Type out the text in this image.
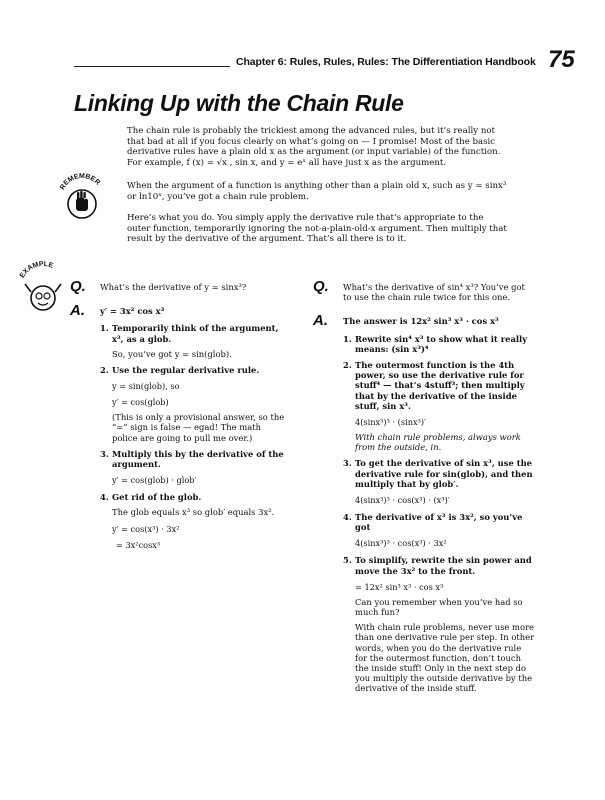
Chapter 6: Rules, Rules, Rules: The Differentiation Handbook 75
Linking Up with the Chain Rule

The chain rule is probably the trickiest among the advanced rules, but it’s really not that bad at all if you focus clearly on what’s going on — I promise! Most of the basic derivative rules have a plain old x as the argument (or input variable) of the function. For example, f (x) = √x , sin x, and y = eˣ all have just x as the argument.

When the argument of a function is anything other than a plain old x, such as y = sinx³ or ln10ˣ, you’ve got a chain rule problem.

Here’s what you do. You simply apply the derivative rule that’s appropriate to the outer function, temporarily ignoring the not-a-plain-old-x argument. Then multiply that result by the derivative of the argument. That’s all there is to it.

REMEMBER
EXAMPLE
Q. What’s the derivative of y = sinx³?
A. y′ = 3x² cos x³
1. Temporarily think of the argument, x³, as a glob.
So, you’ve got y = sin(glob).
2. Use the regular derivative rule.
y = sin(glob), so
y′ = cos(glob)
(This is only a provisional answer, so the “=” sign is false — egad! The math police are going to pull me over.)
3. Multiply this by the derivative of the argument.
y′ = cos(glob) · glob′
4. Get rid of the glob.
The glob equals x³ so glob′ equals 3x².
y′ = cos(x³) · 3x²
= 3x²cosx³
Q. What’s the derivative of sin⁴ x³? You’ve got to use the chain rule twice for this one.
A. The answer is 12x² sin³ x³ · cos x³
1. Rewrite sin⁴ x³ to show what it really means: (sin x³)⁴
2. The outermost function is the 4th power, so use the derivative rule for stuff⁴ — that’s 4stuff³; then multiply that by the derivative of the inside stuff, sin x³.
4(sinx³)³ · (sinx³)′
With chain rule problems, always work from the outside, in.
3. To get the derivative of sin x³, use the derivative rule for sin(glob), and then multiply that by glob′.
4(sinx³)³ · cos(x³) · (x³)′
4. The derivative of x³ is 3x², so you’ve got
4(sinx³)³ · cos(x³) · 3x²
5. To simplify, rewrite the sin power and move the 3x² to the front.
= 12x² sin³ x³ · cos x³
Can you remember when you’ve had so much fun?
With chain rule problems, never use more than one derivative rule per step. In other words, when you do the derivative rule for the outermost function, don’t touch the inside stuff! Only in the next step do you multiply the outside derivative by the derivative of the inside stuff.
